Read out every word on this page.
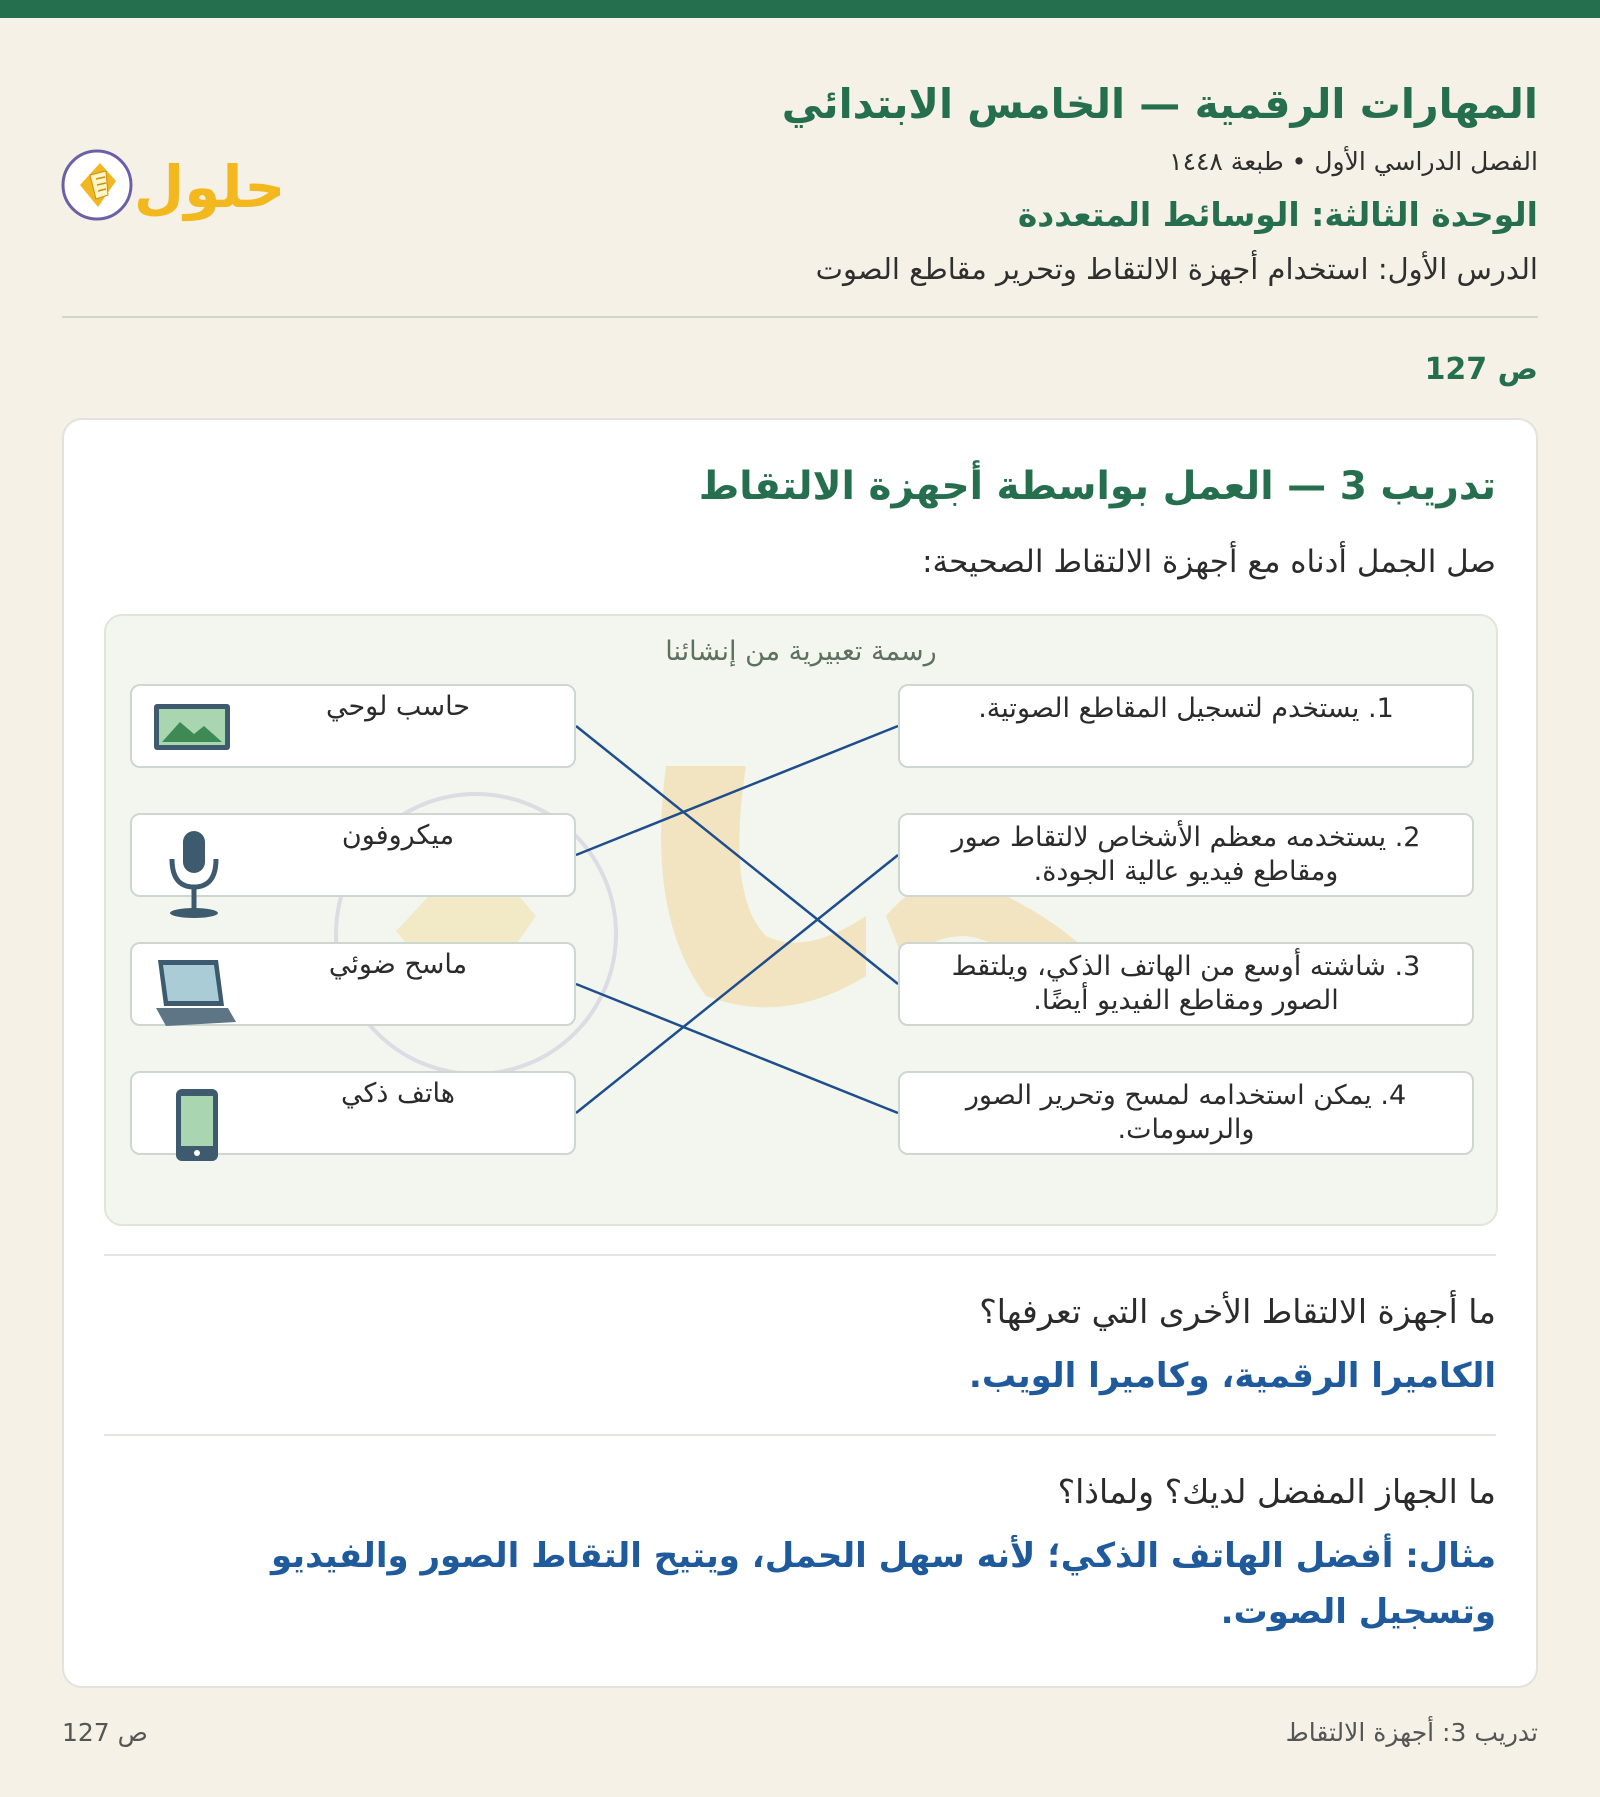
المهارات الرقمية — الخامس الابتدائي
الفصل الدراسي الأول • طبعة ١٤٤٨
الوحدة الثالثة: الوسائط المتعددة
الدرس الأول: استخدام أجهزة الالتقاط وتحرير مقاطع الصوت
حلول
ص 127
تدريب 3 — العمل بواسطة أجهزة الالتقاط
صل الجمل أدناه مع أجهزة الالتقاط الصحيحة:
رسمة تعبيرية من إنشائنا
حاسب لوحي
ميكروفون
ماسح ضوئي
هاتف ذكي
1. يستخدم لتسجيل المقاطع الصوتية.
2. يستخدمه معظم الأشخاص لالتقاط صور ومقاطع فيديو عالية الجودة.
3. شاشته أوسع من الهاتف الذكي، ويلتقط الصور ومقاطع الفيديو أيضًا.
4. يمكن استخدامه لمسح وتحرير الصور والرسومات.
ما أجهزة الالتقاط الأخرى التي تعرفها؟
الكاميرا الرقمية، وكاميرا الويب.
ما الجهاز المفضل لديك؟ ولماذا؟
مثال: أفضل الهاتف الذكي؛ لأنه سهل الحمل، ويتيح التقاط الصور والفيديو وتسجيل الصوت.
ص 127	تدريب 3: أجهزة الالتقاط
